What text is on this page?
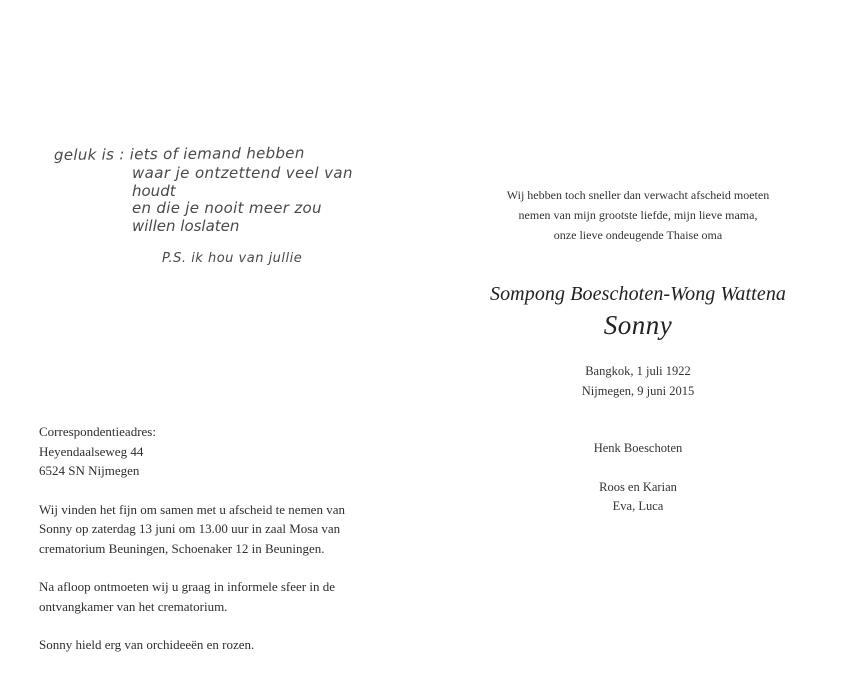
geluk is : iets of iemand hebben
waar je ontzettend veel van
houdt
en die je nooit meer zou
willen loslaten
P.S. ik hou van jullie
Correspondentieadres:
Heyendaalseweg 44
6524 SN Nijmegen
Wij vinden het fijn om samen met u afscheid te nemen van
Sonny op zaterdag 13 juni om 13.00 uur in zaal Mosa van
crematorium Beuningen, Schoenaker 12 in Beuningen.
Na afloop ontmoeten wij u graag in informele sfeer in de
ontvangkamer van het crematorium.
Sonny hield erg van orchideeën en rozen.
Wij hebben toch sneller dan verwacht afscheid moeten
nemen van mijn grootste liefde, mijn lieve mama,
onze lieve ondeugende Thaise oma
Sompong Boeschoten-Wong Wattena
Sonny
Bangkok, 1 juli 1922
Nijmegen, 9 juni 2015
Henk Boeschoten
Roos en Karian
Eva, Luca
